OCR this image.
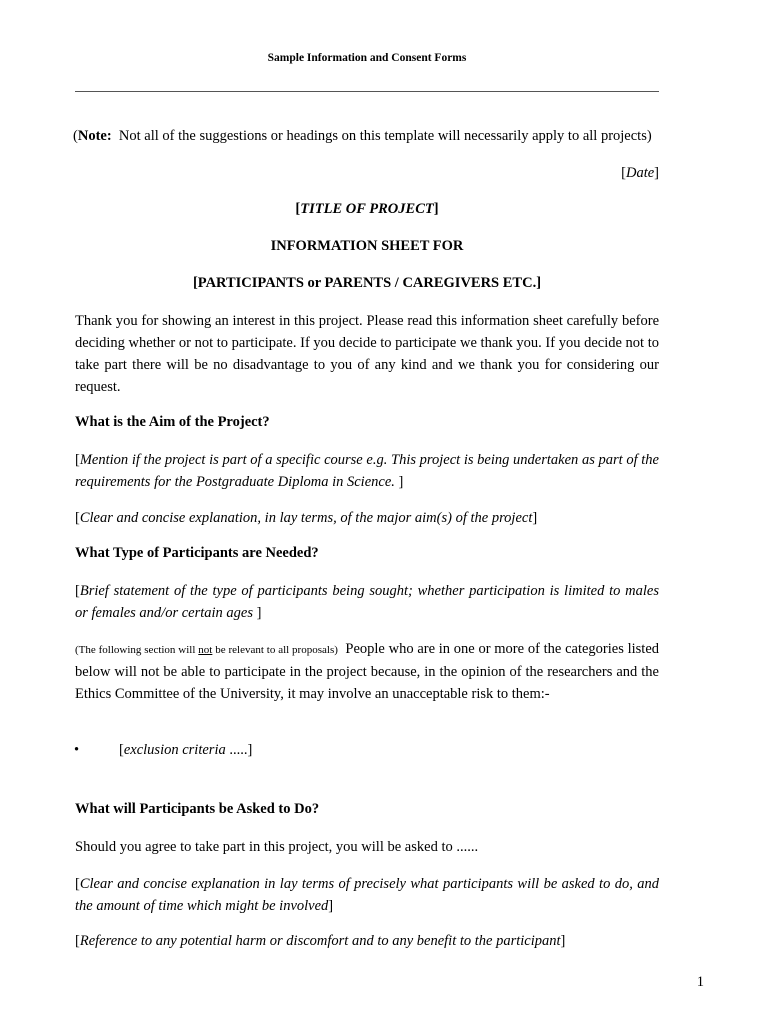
Sample Information and Consent Forms
(Note: Not all of the suggestions or headings on this template will necessarily apply to all projects)
[Date]
[TITLE OF PROJECT]
INFORMATION SHEET FOR
[PARTICIPANTS or PARENTS / CAREGIVERS ETC.]
Thank you for showing an interest in this project. Please read this information sheet carefully before deciding whether or not to participate. If you decide to participate we thank you. If you decide not to take part there will be no disadvantage to you of any kind and we thank you for considering our request.
What is the Aim of the Project?
[Mention if the project is part of a specific course e.g. This project is being undertaken as part of the requirements for the Postgraduate Diploma in Science. ]
[Clear and concise explanation, in lay terms, of the major aim(s) of the project]
What Type of Participants are Needed?
[Brief statement of the type of participants being sought; whether participation is limited to males or females and/or certain ages ]
(The following section will not be relevant to all proposals) People who are in one or more of the categories listed below will not be able to participate in the project because, in the opinion of the researchers and the Ethics Committee of the University, it may involve an unacceptable risk to them:-
•	[exclusion criteria .....]
What will Participants be Asked to Do?
Should you agree to take part in this project, you will be asked to ......
[Clear and concise explanation in lay terms of precisely what participants will be asked to do, and the amount of time which might be involved]
[Reference to any potential harm or discomfort and to any benefit to the participant]
1
